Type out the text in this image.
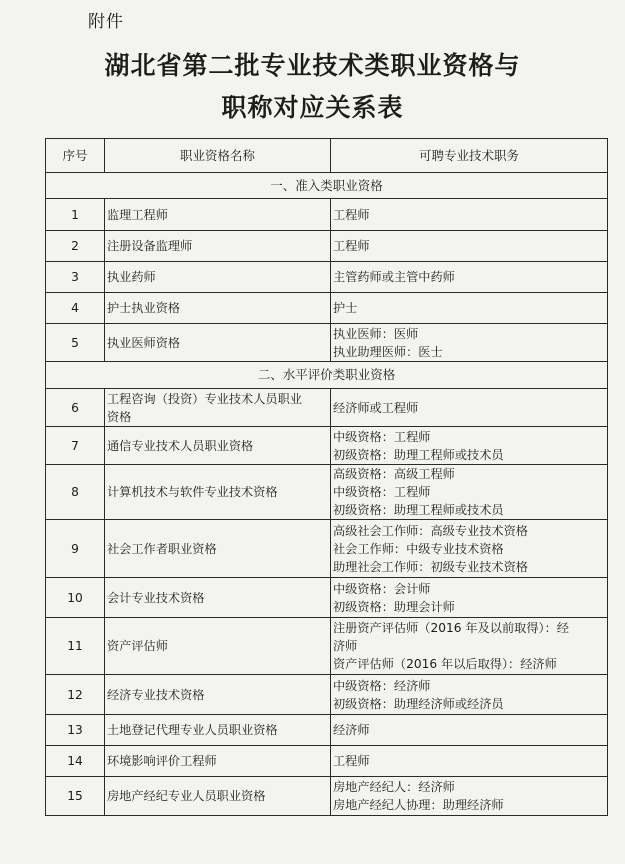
附件
湖北省第二批专业技术类职业资格与
职称对应关系表
序号	职业资格名称	可聘专业技术职务
一、准入类职业资格		
1	监理工程师	工程师

2	注册设备监理师	工程师

3	执业药师	主管药师或主管中药师

4	护士执业资格	护士

5	执业医师资格	执业医师：医师
执业助理医师：医士

二、水平评价类职业资格		
6	工程咨询（投资）专业技术人员职业
资格	经济师或工程师

7	通信专业技术人员职业资格	中级资格：工程师
初级资格：助理工程师或技术员

8	计算机技术与软件专业技术资格	高级资格：高级工程师
中级资格：工程师
初级资格：助理工程师或技术员

9	社会工作者职业资格	高级社会工作师：高级专业技术资格
社会工作师：中级专业技术资格
助理社会工作师：初级专业技术资格

10	会计专业技术资格	中级资格：会计师
初级资格：助理会计师

11	资产评估师	注册资产评估师（2016 年及以前取得）：经
济师
资产评估师（2016 年以后取得）：经济师

12	经济专业技术资格	中级资格：经济师
初级资格：助理经济师或经济员

13	土地登记代理专业人员职业资格	经济师

14	环境影响评价工程师	工程师

15	房地产经纪专业人员职业资格	房地产经纪人：经济师
房地产经纪人协理：助理经济师
